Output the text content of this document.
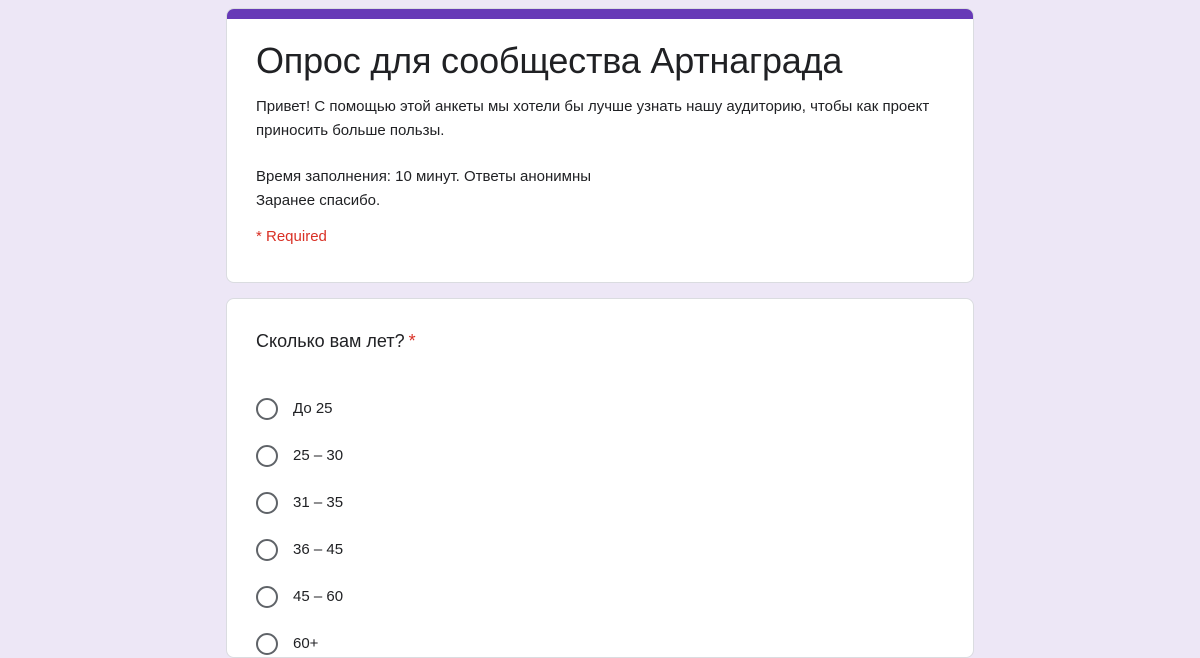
Опрос для сообщества Артнаграда
Привет! С помощью этой анкеты мы хотели бы лучше узнать нашу аудиторию, чтобы как проект приносить больше пользы.
Время заполнения: 10 минут. Ответы анонимны
Заранее спасибо.
* Required
Сколько вам лет? *
До 25
25 – 30
31 – 35
36 – 45
45 – 60
60+
